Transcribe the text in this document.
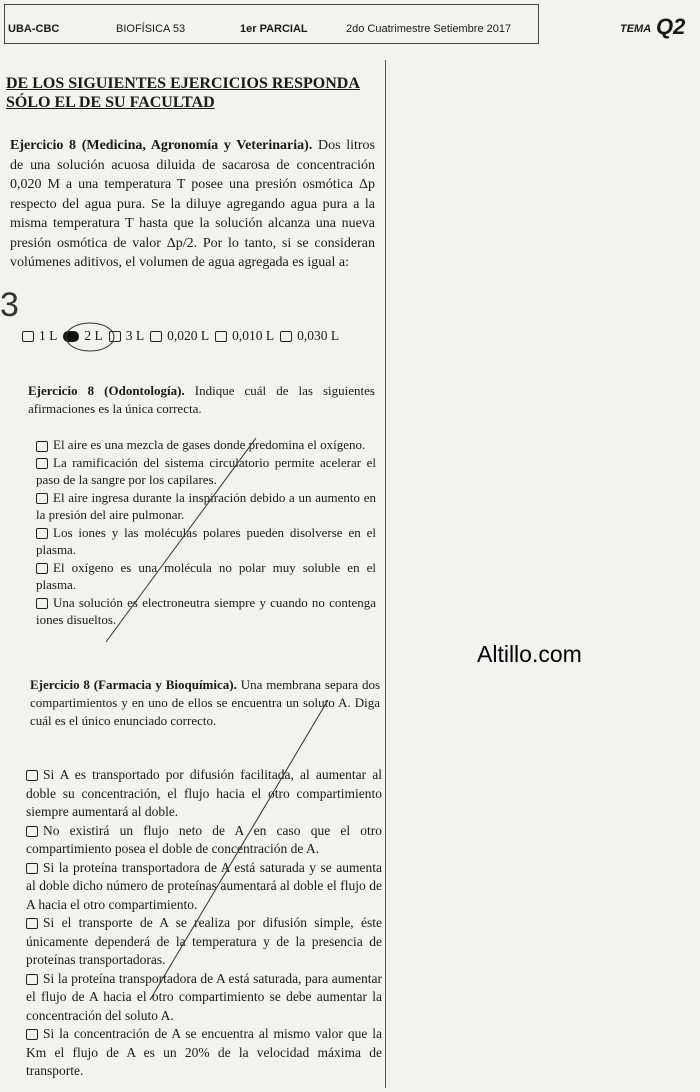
UBA-CBC	BIOFÍSICA 53	1er PARCIAL	2do Cuatrimestre Setiembre 2017	TEMA Q2
DE LOS SIGUIENTES EJERCICIOS RESPONDA SÓLO EL DE SU FACULTAD
3
Ejercicio 8 (Medicina, Agronomía y Veterinaria). Dos litros de una solución acuosa diluida de sacarosa de concentración 0,020 M a una temperatura T posee una presión osmótica Δp respecto del agua pura. Se la diluye agregando agua pura a la misma temperatura T hasta que la solución alcanza una nueva presión osmótica de valor Δp/2. Por lo tanto, si se consideran volúmenes aditivos, el volumen de agua agregada es igual a:
1 L 2 L 3 L 0,020 L 0,010 L 0,030 L
Ejercicio 8 (Odontología). Indique cuál de las siguientes afirmaciones es la única correcta.

El aire es una mezcla de gases donde predomina el oxígeno.

La ramificación del sistema circulatorio permite acelerar el paso de la sangre por los capilares.

El aire ingresa durante la inspiración debido a un aumento en la presión del aire pulmonar.

Los iones y las moléculas polares pueden disolverse en el plasma.

El oxígeno es una molécula no polar muy soluble en el plasma.

Una solución es electroneutra siempre y cuando no contenga iones disueltos.

Ejercicio 8 (Farmacia y Bioquímica). Una membrana separa dos compartimientos y en uno de ellos se encuentra un soluto A. Diga cuál es el único enunciado correcto.

Si A es transportado por difusión facilitada, al aumentar al doble su concentración, el flujo hacia el otro compartimiento siempre aumentará al doble.

No existirá un flujo neto de A en caso que el otro compartimiento posea el doble de concentración de A.

Si la proteína transportadora de A está saturada y se aumenta al doble dicho número de proteínas aumentará al doble el flujo de A hacia el otro compartimiento.

Si el transporte de A se realiza por difusión simple, éste únicamente dependerá de la temperatura y de la presencia de proteínas transportadoras.

Si la proteína transportadora de A está saturada, para aumentar el flujo de A hacia el otro compartimiento se debe aumentar la concentración del soluto A.

Si la concentración de A se encuentra al mismo valor que la Km el flujo de A es un 20% de la velocidad máxima de transporte.

Altillo.com
